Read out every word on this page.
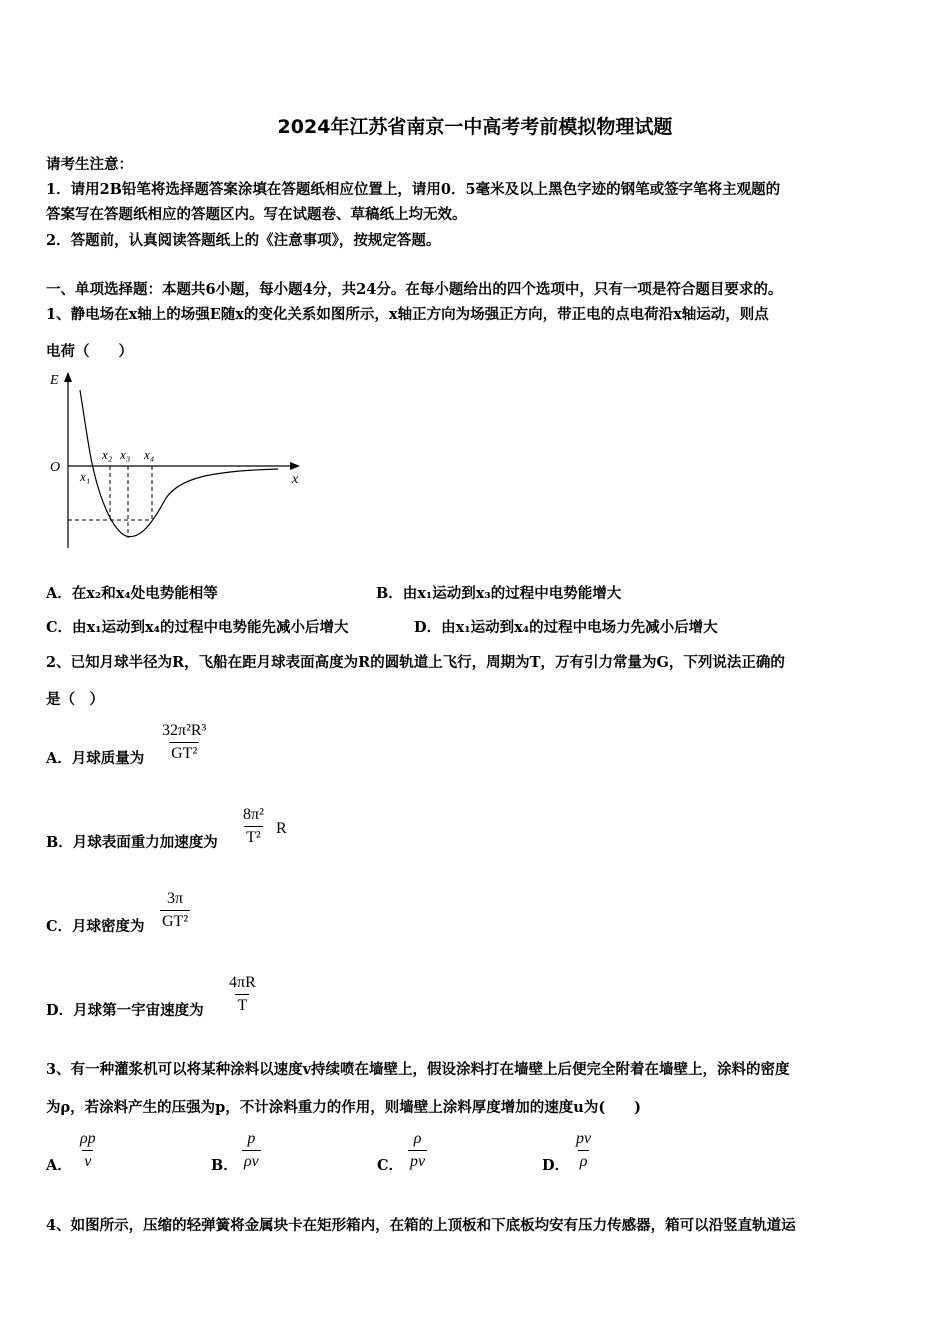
2024年江苏省南京一中高考考前模拟物理试题
请考生注意：
1．请用2B铅笔将选择题答案涂填在答题纸相应位置上，请用0．5毫米及以上黑色字迹的钢笔或签字笔将主观题的
答案写在答题纸相应的答题区内。写在试题卷、草稿纸上均无效。
2．答题前，认真阅读答题纸上的《注意事项》，按规定答题。
一、单项选择题：本题共6小题，每小题4分，共24分。在每小题给出的四个选项中，只有一项是符合题目要求的。
1、静电场在x轴上的场强E随x的变化关系如图所示，x轴正方向为场强正方向，带正电的点电荷沿x轴运动，则点
电荷（　　）
E
O
x
x₁
x₂ x₃ x₄
A．在x₂和x₄处电势能相等	B．由x₁运动到x₃的过程中电势能增大
C．由x₁运动到x₄的过程中电势能先减小后增大	D．由x₁运动到x₄的过程中电场力先减小后增大
2、已知月球半径为R，飞船在距月球表面高度为R的圆轨道上飞行，周期为T，万有引力常量为G，下列说法正确的
是（　）
A．月球质量为 $\frac{\text{32π²R³}}{\text{GT²}}$
B．月球表面重力加速度为 $\frac{\text{8π²}}{\text{T²}}$ R
C．月球密度为 $\frac{3\pi}{\text{GT²}}$
D．月球第一宇宙速度为 $\frac{4\pi R}{T}$
3、有一种灌浆机可以将某种涂料以速度v持续喷在墙壁上，假设涂料打在墙壁上后便完全附着在墙壁上，涂料的密度
为ρ，若涂料产生的压强为p，不计涂料重力的作用，则墙壁上涂料厚度增加的速度u为(　　)
A． $\frac{\rho p}{v}$	B． $\frac{p}{\rho v}$	C． $\frac{\rho}{pv}$	D． $\frac{pv}{\rho}$
4、如图所示，压缩的轻弹簧将金属块卡在矩形箱内，在箱的上顶板和下底板均安有压力传感器，箱可以沿竖直轨道运
